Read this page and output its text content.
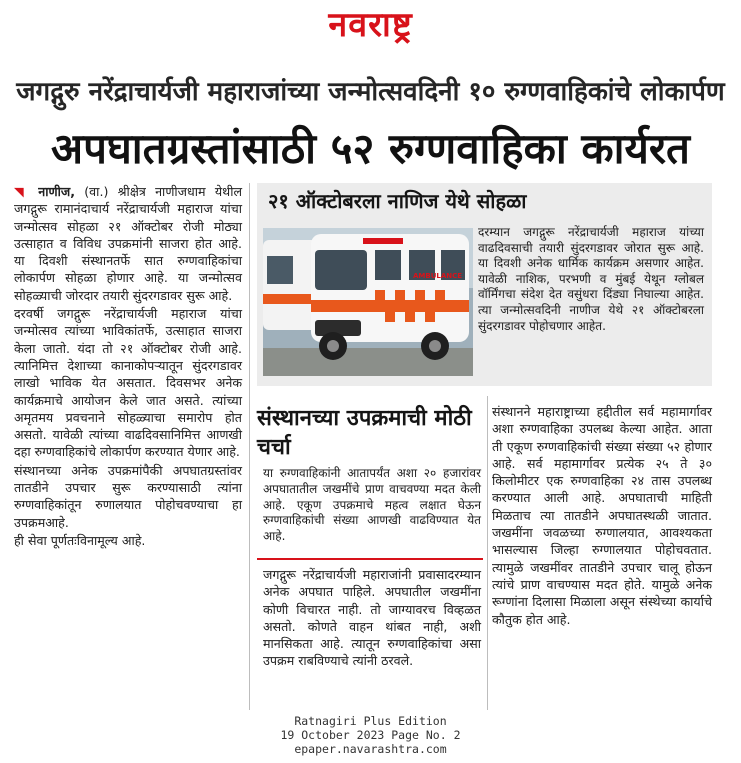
नवराष्ट्र
जगद्गुरु नरेंद्राचार्यजी महाराजांच्या जन्मोत्सवदिनी १० रुग्णवाहिकांचे लोकार्पण
अपघातग्रस्तांसाठी ५२ रुग्णवाहिका कार्यरत

◥ नाणीज, (वा.) श्रीक्षेत्र नाणीजधाम येथील जगद्गुरू रामानंदाचार्य नरेंद्राचार्यजी महाराज यांचा जन्मोत्सव सोहळा २१ ऑक्टोबर रोजी मोठ्या उत्साहात व विविध उपक्रमांनी साजरा होत आहे. या दिवशी संस्थानतर्फे सात रुग्णवाहिकांचा लोकार्पण सोहळा होणार आहे. या जन्मोत्सव सोहळ्याची जोरदार तयारी सुंदरगडावर सुरू आहे.

दरवर्षी जगद्गुरू नरेंद्राचार्यजी महाराज यांचा जन्मोत्सव त्यांच्या भाविकांतर्फे, उत्साहात साजरा केला जातो. यंदा तो २१ ऑक्टोबर रोजी आहे. त्यानिमित्त देशाच्या कानाकोपऱ्यातून सुंदरगडावर लाखो भाविक येत असतात. दिवसभर अनेक कार्यक्रमाचे आयोजन केले जात असते. त्यांच्या अमृतमय प्रवचनाने सोहळ्याचा समारोप होत असतो. यावेळी त्यांच्या वाढदिवसानिमित्त आणखी दहा रुग्णवाहिकांचे लोकार्पण करण्यात येणार आहे.

संस्थानच्या अनेक उपक्रमांपैकी अपघातग्रस्तांवर तातडीने उपचार सुरू करण्यासाठी त्यांना रुग्णवाहिकांतून रुणालयात पोहोचवण्याचा हा उपक्रमआहे.

ही सेवा पूर्णतःविनामूल्य आहे.

२१ ऑक्टोबरला नाणिज येथे सोहळा
AMBULANCE
दरम्यान जगद्गुरू नरेंद्राचार्यजी महाराज यांच्या वाढदिवसाची तयारी सुंदरगडावर जोरात सुरू आहे. या दिवशी अनेक धार्मिक कार्यक्रम असणार आहेत. यावेळी नाशिक, परभणी व मुंबई येथून ग्लोबल वॉर्मिंगचा संदेश देत वसुंधरा दिंड्या निघाल्या आहेत. त्या जन्मोत्सवदिनी नाणीज येथे २१ ऑक्टोबरला सुंदरगडावर पोहोचणार आहेत.
संस्थानच्या उपक्रमाची मोठी चर्चा
या रुग्णवाहिकांनी आतापर्यंत अशा २० हजारांवर अपघातातील जखमींचे प्राण वाचवण्या मदत केली आहे. एकूण उपक्रमाचे महत्व लक्षात घेऊन रुग्णवाहिकांची संख्या आणखी वाढविण्यात येत आहे.
जगद्गुरू नरेंद्राचार्यजी महाराजांनी प्रवासादरम्यान अनेक अपघात पाहिले. अपघातील जखमींना कोणी विचारत नाही. तो जाग्यावरच विव्हळत असतो. कोणते वाहन थांबत नाही, अशी मानसिकता आहे. त्यातून रुग्णवाहिकांचा असा उपक्रम राबविण्याचे त्यांनी ठरवले.
संस्थानने महाराष्ट्राच्या हद्दीतील सर्व महामार्गावर अशा रुग्णवाहिका उपलब्ध केल्या आहेत. आता ती एकूण रुग्णवाहिकांची संख्या संख्या ५२ होणार आहे. सर्व महामार्गावर प्रत्येक २५ ते ३० किलोमीटर एक रुग्णवाहिका २४ तास उपलब्ध करण्यात आली आहे. अपघाताची माहिती मिळताच त्या तातडीने अपघातस्थळी जातात. जखमींना जवळच्या रुग्णालयात, आवश्यकता भासल्यास जिल्हा रुग्णालयात पोहोचवतात. त्यामुळे जखमींवर तातडीने उपचार चालू होऊन त्यांचे प्राण वाचण्यास मदत होते. यामुळे अनेक रूग्णांना दिलासा मिळाला असून संस्थेच्या कार्याचे कौतुक होत आहे.
Ratnagiri Plus Edition
19 October 2023 Page No. 2
epaper.navarashtra.com
